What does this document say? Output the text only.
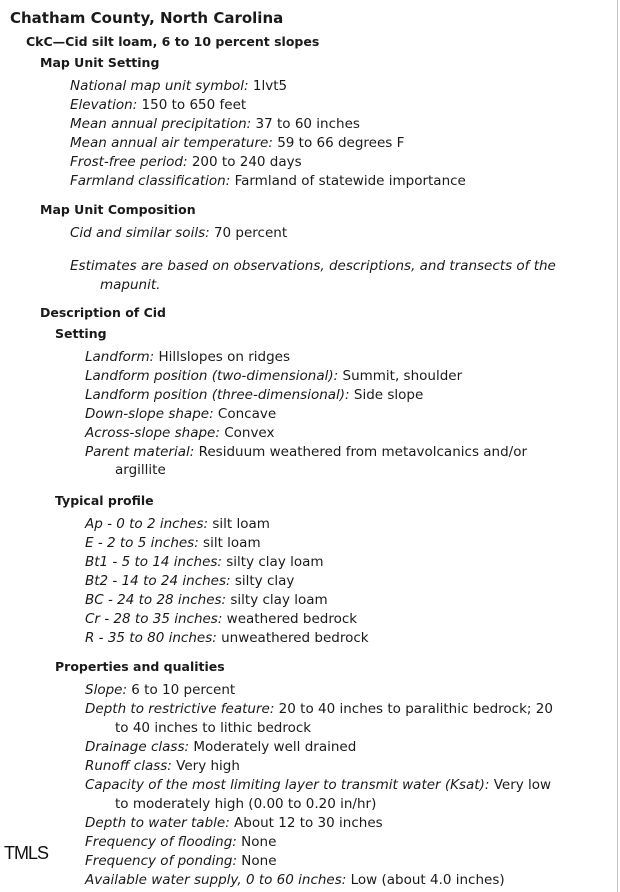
Chatham County, North Carolina
CkC—Cid silt loam, 6 to 10 percent slopes
Map Unit Setting
National map unit symbol: 1lvt5
Elevation: 150 to 650 feet
Mean annual precipitation: 37 to 60 inches
Mean annual air temperature: 59 to 66 degrees F
Frost-free period: 200 to 240 days
Farmland classification: Farmland of statewide importance
Map Unit Composition
Cid and similar soils: 70 percent
Estimates are based on observations, descriptions, and transects of the
mapunit.
Description of Cid
Setting
Landform: Hillslopes on ridges
Landform position (two-dimensional): Summit, shoulder
Landform position (three-dimensional): Side slope
Down-slope shape: Concave
Across-slope shape: Convex
Parent material: Residuum weathered from metavolcanics and/or
argillite
Typical profile
Ap - 0 to 2 inches: silt loam
E - 2 to 5 inches: silt loam
Bt1 - 5 to 14 inches: silty clay loam
Bt2 - 14 to 24 inches: silty clay
BC - 24 to 28 inches: silty clay loam
Cr - 28 to 35 inches: weathered bedrock
R - 35 to 80 inches: unweathered bedrock
Properties and qualities
Slope: 6 to 10 percent
Depth to restrictive feature: 20 to 40 inches to paralithic bedrock; 20
to 40 inches to lithic bedrock
Drainage class: Moderately well drained
Runoff class: Very high
Capacity of the most limiting layer to transmit water (Ksat): Very low
to moderately high (0.00 to 0.20 in/hr)
Depth to water table: About 12 to 30 inches
Frequency of flooding: None
Frequency of ponding: None
Available water supply, 0 to 60 inches: Low (about 4.0 inches)
TMLS
